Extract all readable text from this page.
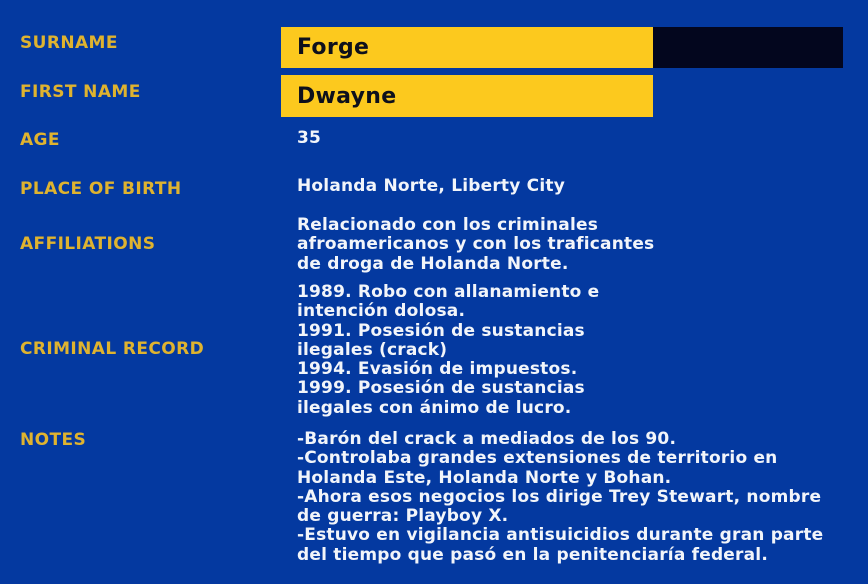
SURNAME
FIRST NAME
AGE
PLACE OF BIRTH
AFFILIATIONS
CRIMINAL RECORD
NOTES
Forge
Dwayne
35
Holanda Norte, Liberty City
Relacionado con los criminales
afroamericanos y con los traficantes
de droga de Holanda Norte.
1989. Robo con allanamiento e
intención dolosa.
1991. Posesión de sustancias
ilegales (crack)
1994. Evasión de impuestos.
1999. Posesión de sustancias
ilegales con ánimo de lucro.
-Barón del crack a mediados de los 90.
-Controlaba grandes extensiones de territorio en
Holanda Este, Holanda Norte y Bohan.
-Ahora esos negocios los dirige Trey Stewart, nombre
de guerra: Playboy X.
-Estuvo en vigilancia antisuicidios durante gran parte
del tiempo que pasó en la penitenciaría federal.
